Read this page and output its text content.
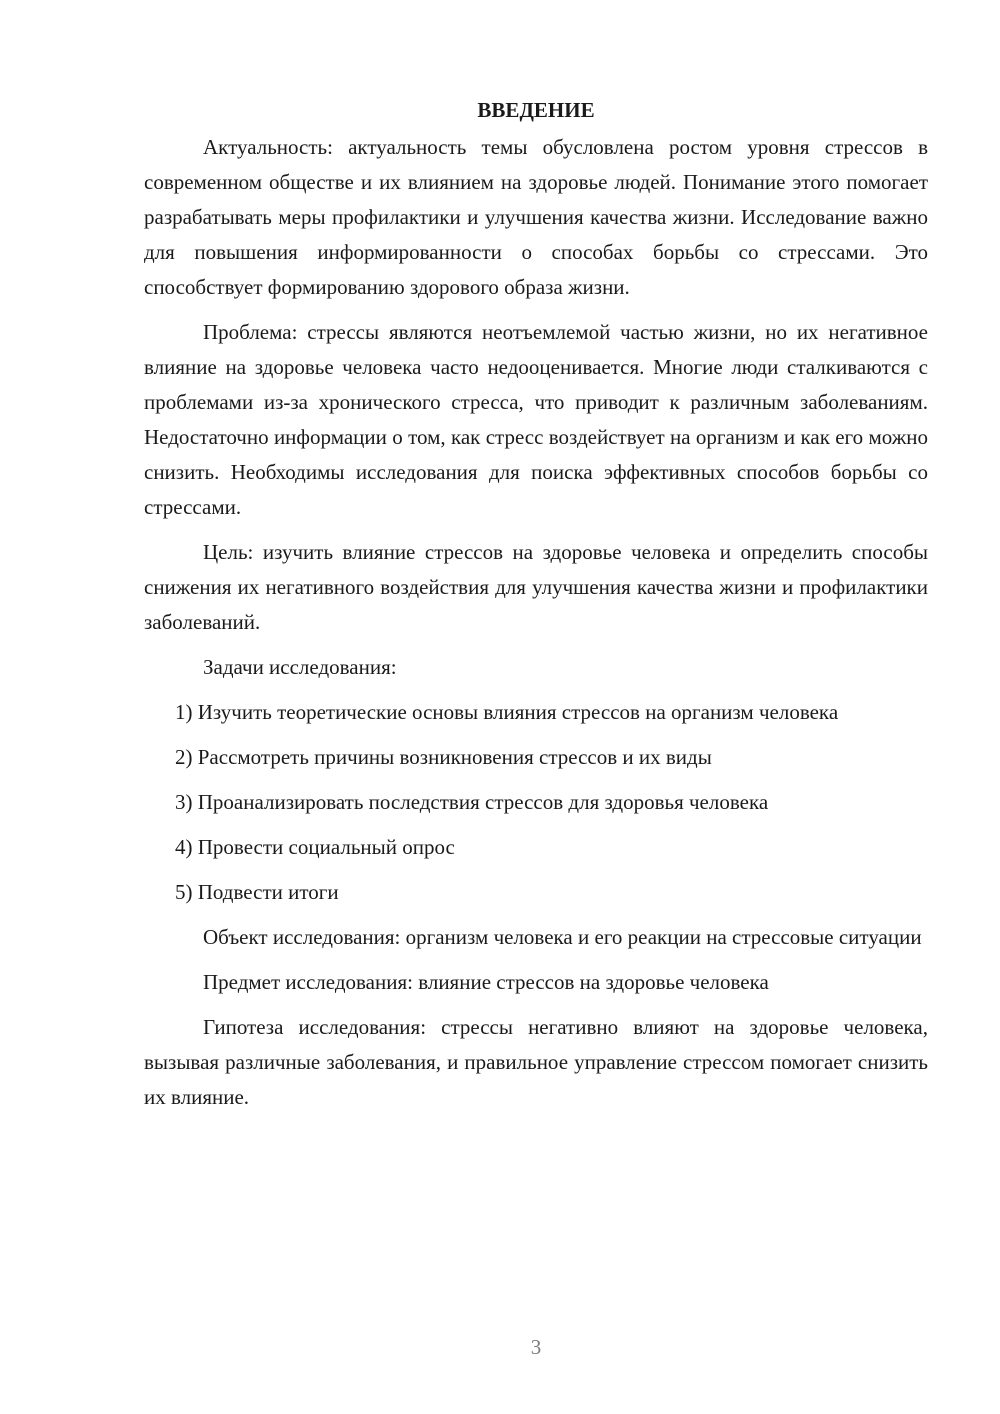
ВВЕДЕНИЕ

Актуальность: актуальность темы обусловлена ростом уровня стрессов в современном обществе и их влиянием на здоровье людей. Понимание этого помогает разрабатывать меры профилактики и улучшения качества жизни. Исследование важно для повышения информированности о способах борьбы со стрессами. Это способствует формированию здорового образа жизни.

Проблема: стрессы являются неотъемлемой частью жизни, но их негативное влияние на здоровье человека часто недооценивается. Многие люди сталкиваются с проблемами из-за хронического стресса, что приводит к различным заболеваниям. Недостаточно информации о том, как стресс воздействует на организм и как его можно снизить. Необходимы исследования для поиска эффективных способов борьбы со стрессами.

Цель: изучить влияние стрессов на здоровье человека и определить способы снижения их негативного воздействия для улучшения качества жизни и профилактики заболеваний.

Задачи исследования:

1) Изучить теоретические основы влияния стрессов на организм человека

2) Рассмотреть причины возникновения стрессов и их виды

3) Проанализировать последствия стрессов для здоровья человека

4) Провести социальный опрос

5) Подвести итоги

Объект исследования: организм человека и его реакции на стрессовые ситуации

Предмет исследования: влияние стрессов на здоровье человека

Гипотеза исследования: стрессы негативно влияют на здоровье человека, вызывая различные заболевания, и правильное управление стрессом помогает снизить их влияние.

3
